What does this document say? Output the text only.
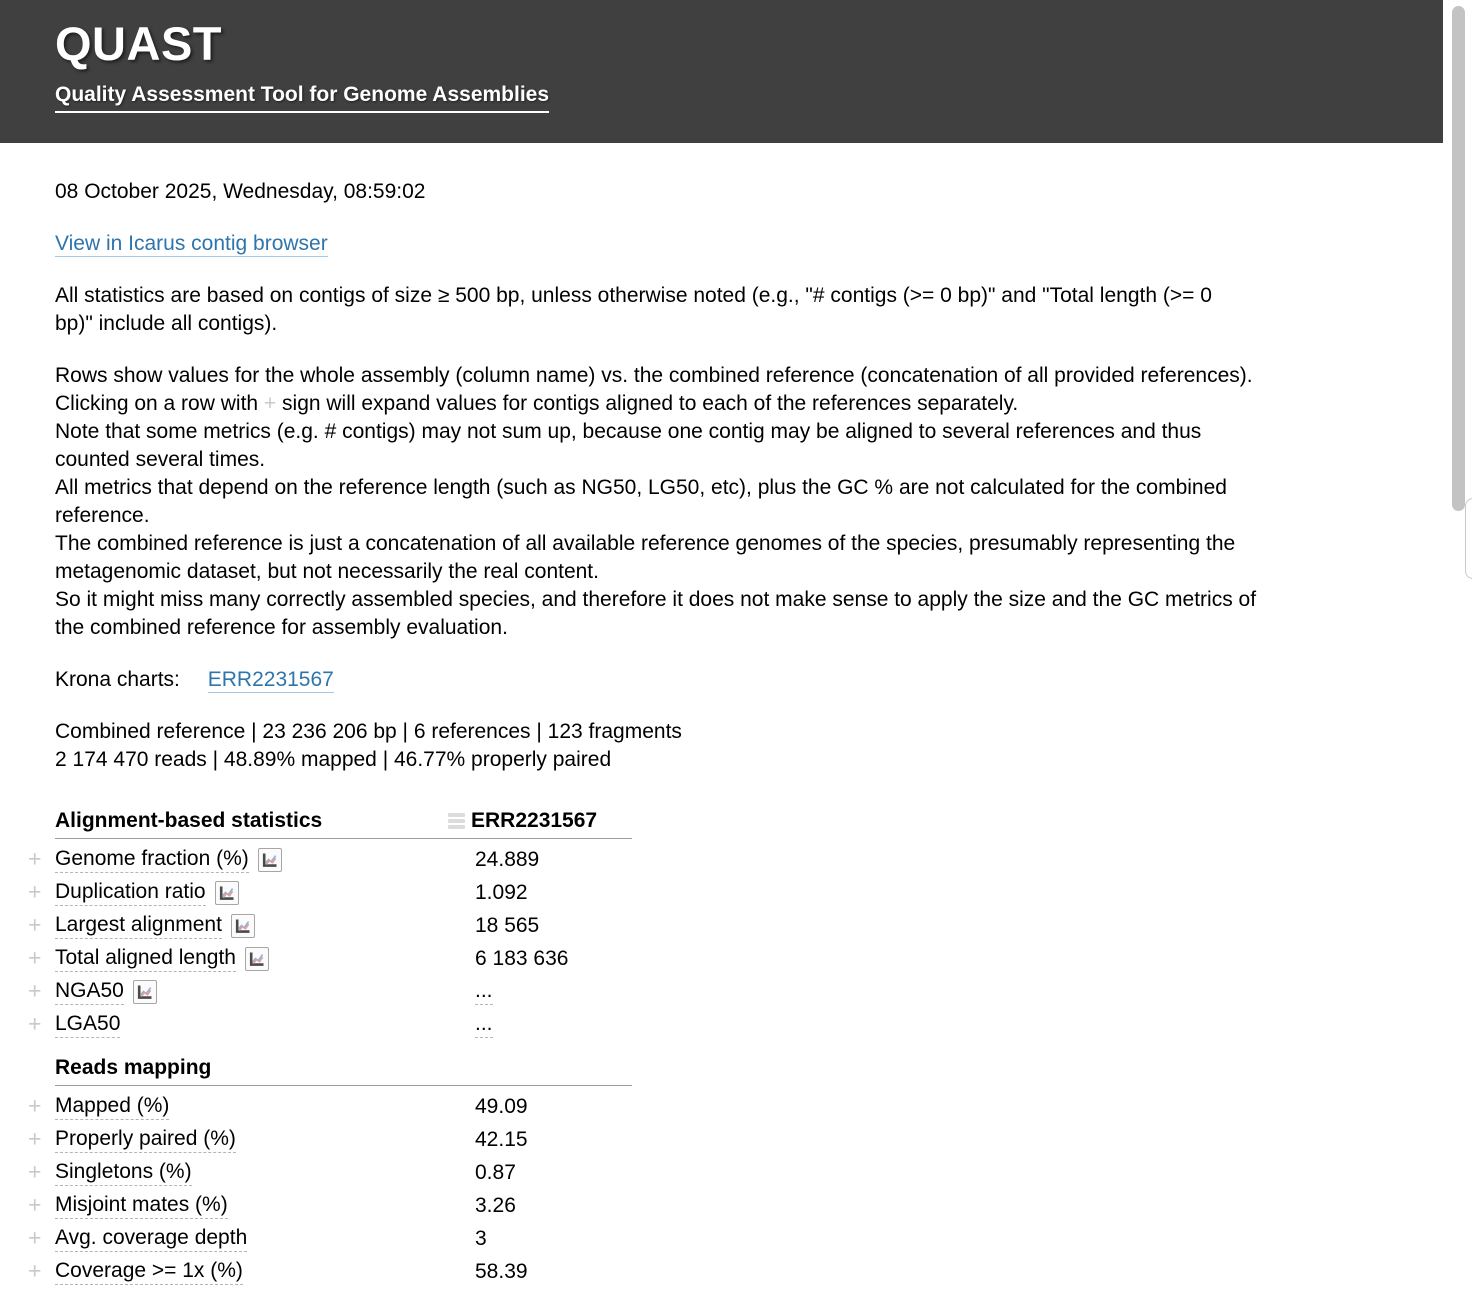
QUAST
Quality Assessment Tool for Genome Assemblies
08 October 2025, Wednesday, 08:59:02
View in Icarus contig browser
All statistics are based on contigs of size ≥ 500 bp, unless otherwise noted (e.g., "# contigs (>= 0 bp)" and "Total length (>= 0
bp)" include all contigs).
Rows show values for the whole assembly (column name) vs. the combined reference (concatenation of all provided references).
Clicking on a row with + sign will expand values for contigs aligned to each of the references separately.
Note that some metrics (e.g. # contigs) may not sum up, because one contig may be aligned to several references and thus
counted several times.
All metrics that depend on the reference length (such as NG50, LG50, etc), plus the GC % are not calculated for the combined
reference.
The combined reference is just a concatenation of all available reference genomes of the species, presumably representing the
metagenomic dataset, but not necessarily the real content.
So it might miss many correctly assembled species, and therefore it does not make sense to apply the size and the GC metrics of
the combined reference for assembly evaluation.
Krona charts: ERR2231567
Combined reference | 23 236 206 bp | 6 references | 123 fragments
2 174 470 reads | 48.89% mapped | 46.77% properly paired
Alignment-based statistics	ERR2231567
+ Genome fraction (%)	24.889
+ Duplication ratio	1.092
+ Largest alignment	18 565
+ Total aligned length	6 183 636
+ NGA50	...
+ LGA50	...
Reads mapping
+ Mapped (%)	49.09
+ Properly paired (%)	42.15
+ Singletons (%)	0.87
+ Misjoint mates (%)	3.26
+ Avg. coverage depth	3
+ Coverage >= 1x (%)	58.39
